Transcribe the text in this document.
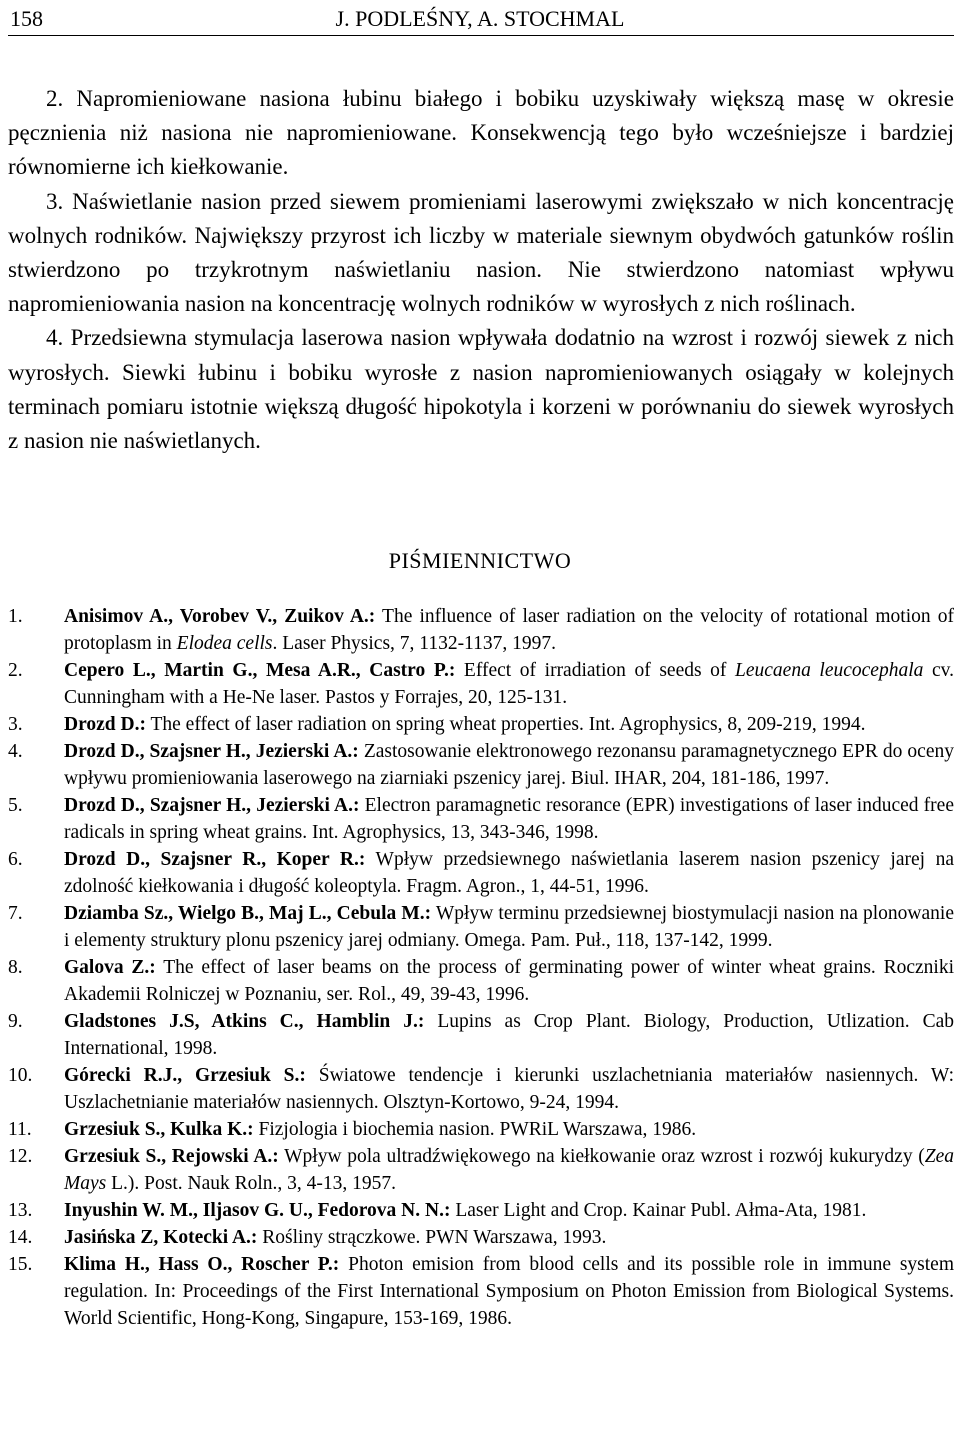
158	J. PODLEŚNY, A. STOCHMAL

2. Napromieniowane nasiona łubinu białego i bobiku uzyskiwały większą masę w okresie pęcznienia niż nasiona nie napromieniowane. Konsekwencją tego było wcześniejsze i bardziej równomierne ich kiełkowanie.

3. Naświetlanie nasion przed siewem promieniami laserowymi zwiększało w nich koncentrację wolnych rodników. Największy przyrost ich liczby w materiale siewnym obydwóch gatunków roślin stwierdzono po trzykrotnym naświetlaniu nasion. Nie stwierdzono natomiast wpływu napromieniowania nasion na koncentrację wolnych rodników w wyrosłych z nich roślinach.

4. Przedsiewna stymulacja laserowa nasion wpływała dodatnio na wzrost i rozwój siewek z nich wyrosłych. Siewki łubinu i bobiku wyrosłe z nasion napromieniowanych osiągały w kolejnych terminach pomiaru istotnie większą długość hipokotyla i korzeni w porównaniu do siewek wyrosłych z nasion nie naświetlanych.

PIŚMIENNICTWO
1. Anisimov A., Vorobev V., Zuikov A.: The influence of laser radiation on the velocity of rotational motion of protoplasm in Elodea cells. Laser Physics, 7, 1132-1137, 1997.
2. Cepero L., Martin G., Mesa A.R., Castro P.: Effect of irradiation of seeds of Leucaena leucocephala cv. Cunningham with a He-Ne laser. Pastos y Forrajes, 20, 125-131.
3. Drozd D.: The effect of laser radiation on spring wheat properties. Int. Agrophysics, 8, 209-219, 1994.
4. Drozd D., Szajsner H., Jezierski A.: Zastosowanie elektronowego rezonansu paramagnetycznego EPR do oceny wpływu promieniowania laserowego na ziarniaki pszenicy jarej. Biul. IHAR, 204, 181-186, 1997.
5. Drozd D., Szajsner H., Jezierski A.: Electron paramagnetic resorance (EPR) investigations of laser induced free radicals in spring wheat grains. Int. Agrophysics, 13, 343-346, 1998.
6. Drozd D., Szajsner R., Koper R.: Wpływ przedsiewnego naświetlania laserem nasion pszenicy jarej na zdolność kiełkowania i długość koleoptyla. Fragm. Agron., 1, 44-51, 1996.
7. Dziamba Sz., Wielgo B., Maj L., Cebula M.: Wpływ terminu przedsiewnej biostymulacji nasion na plonowanie i elementy struktury plonu pszenicy jarej odmiany. Omega. Pam. Puł., 118, 137-142, 1999.
8. Galova Z.: The effect of laser beams on the process of germinating power of winter wheat grains. Roczniki Akademii Rolniczej w Poznaniu, ser. Rol., 49, 39-43, 1996.
9. Gladstones J.S, Atkins C., Hamblin J.: Lupins as Crop Plant. Biology, Production, Utlization. Cab International, 1998.
10. Górecki R.J., Grzesiuk S.: Światowe tendencje i kierunki uszlachetniania materiałów nasiennych. W: Uszlachetnianie materiałów nasiennych. Olsztyn-Kortowo, 9-24, 1994.
11. Grzesiuk S., Kulka K.: Fizjologia i biochemia nasion. PWRiL Warszawa, 1986.
12. Grzesiuk S., Rejowski A.: Wpływ pola ultradźwiękowego na kiełkowanie oraz wzrost i rozwój kukurydzy (Zea Mays L.). Post. Nauk Roln., 3, 4-13, 1957.
13. Inyushin W. M., Iljasov G. U., Fedorova N. N.: Laser Light and Crop. Kainar Publ. Ałma-Ata, 1981.
14. Jasińska Z, Kotecki A.: Rośliny strączkowe. PWN Warszawa, 1993.
15. Klima H., Hass O., Roscher P.: Photon emision from blood cells and its possible role in immune system regulation. In: Proceedings of the First International Symposium on Photon Emission from Biological Systems. World Scientific, Hong-Kong, Singapure, 153-169, 1986.
